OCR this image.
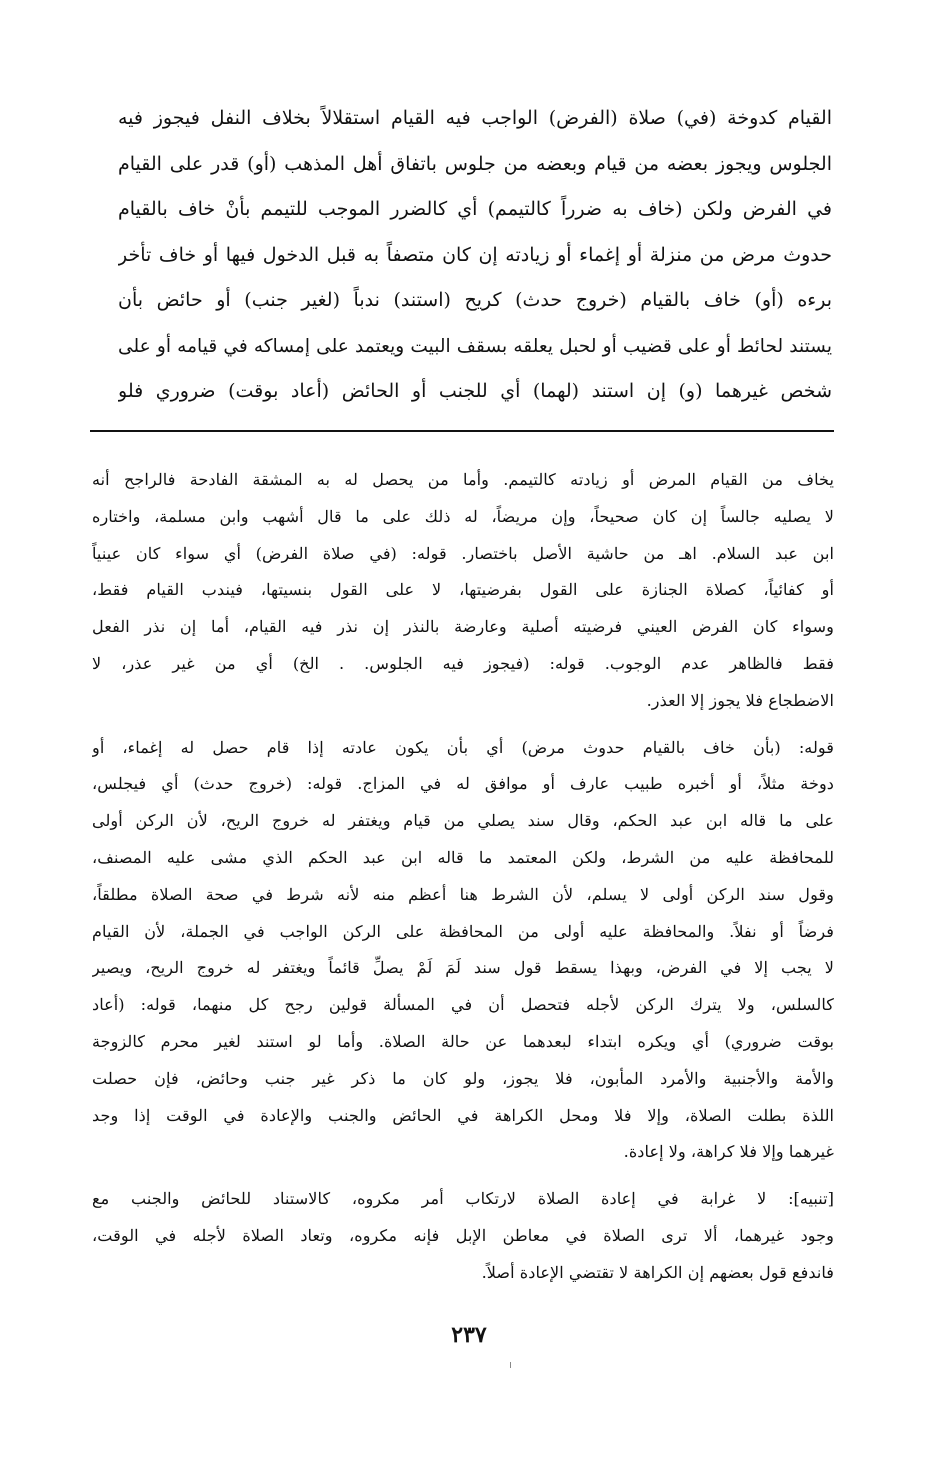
القيام كدوخة (في) صلاة (الفرض) الواجب فيه القيام استقلالاً بخلاف النفل فيجوز فيه
الجلوس ويجوز بعضه من قيام وبعضه من جلوس باتفاق أهل المذهب (أو) قدر على القيام
في الفرض ولكن (خاف به ضرراً كالتيمم) أي كالضرر الموجب للتيمم بأنْ خاف بالقيام
حدوث مرض من منزلة أو إغماء أو زيادته إن كان متصفاً به قبل الدخول فيها أو خاف تأخر
برءه (أو) خاف بالقيام (خروج حدث) كريح (استند) ندباً (لغير جنب) أو حائض بأن
يستند لحائط أو على قضيب أو لحبل يعلقه بسقف البيت ويعتمد على إمساكه في قيامه أو على
شخص غيرهما (و) إن استند (لهما) أي للجنب أو الحائض (أعاد بوقت) ضروري فلو
يخاف من القيام المرض أو زيادته كالتيمم. وأما من يحصل له به المشقة الفادحة فالراجح أنه
لا يصليه جالساً إن كان صحيحاً، وإن مريضاً، له ذلك على ما قال أشهب وابن مسلمة، واختاره
ابن عبد السلام. اهـ من حاشية الأصل باختصار. قوله: (في صلاة الفرض) أي سواء كان عينياً
أو كفائياً، كصلاة الجنازة على القول بفرضيتها، لا على القول بنسيتها، فيندب القيام فقط،
وسواء كان الفرض العيني فرضيته أصلية وعارضة بالنذر إن نذر فيه القيام، أما إن نذر الفعل
فقط فالظاهر عدم الوجوب. قوله: (فيجوز فيه الجلوس. . الخ) أي من غير عذر، لا
الاضطجاع فلا يجوز إلا العذر.
قوله: (بأن خاف بالقيام حدوث مرض) أي بأن يكون عادته إذا قام حصل له إغماء، أو
دوخة مثلاً، أو أخبره طبيب عارف أو موافق له في المزاج. قوله: (خروج حدث) أي فيجلس،
على ما قاله ابن عبد الحكم، وقال سند يصلي من قيام ويغتفر له خروج الريح، لأن الركن أولى
للمحافظة عليه من الشرط، ولكن المعتمد ما قاله ابن عبد الحكم الذي مشى عليه المصنف،
وقول سند الركن أولى لا يسلم، لأن الشرط هنا أعظم منه لأنه شرط في صحة الصلاة مطلقاً،
فرضاً أو نفلاً. والمحافظة عليه أولى من المحافظة على الركن الواجب في الجملة، لأن القيام
لا يجب إلا في الفرض، وبهذا يسقط قول سند لَمَ لَمْ يصلِّ قائماً ويغتفر له خروج الريح، ويصير
كالسلس، ولا يترك الركن لأجله فتحصل أن في المسألة قولين رجح كل منهما، قوله: (أعاد
بوقت ضروري) أي ويكره ابتداء لبعدهما عن حالة الصلاة. وأما لو استند لغير محرم كالزوجة
والأمة والأجنبية والأمرد المأبون، فلا يجوز، ولو كان ما ذكر غير جنب وحائض، فإن حصلت
اللذة بطلت الصلاة، وإلا فلا ومحل الكراهة في الحائض والجنب والإعادة في الوقت إذا وجد
غيرهما وإلا فلا كراهة، ولا إعادة.
[تنبيه]: لا غرابة في إعادة الصلاة لارتكاب أمر مكروه، كالاستناد للحائض والجنب مع
وجود غيرهما، ألا ترى الصلاة في معاطن الإبل فإنه مكروه، وتعاد الصلاة لأجله في الوقت،
فاندفع قول بعضهم إن الكراهة لا تقتضي الإعادة أصلاً.
٢٣٧
